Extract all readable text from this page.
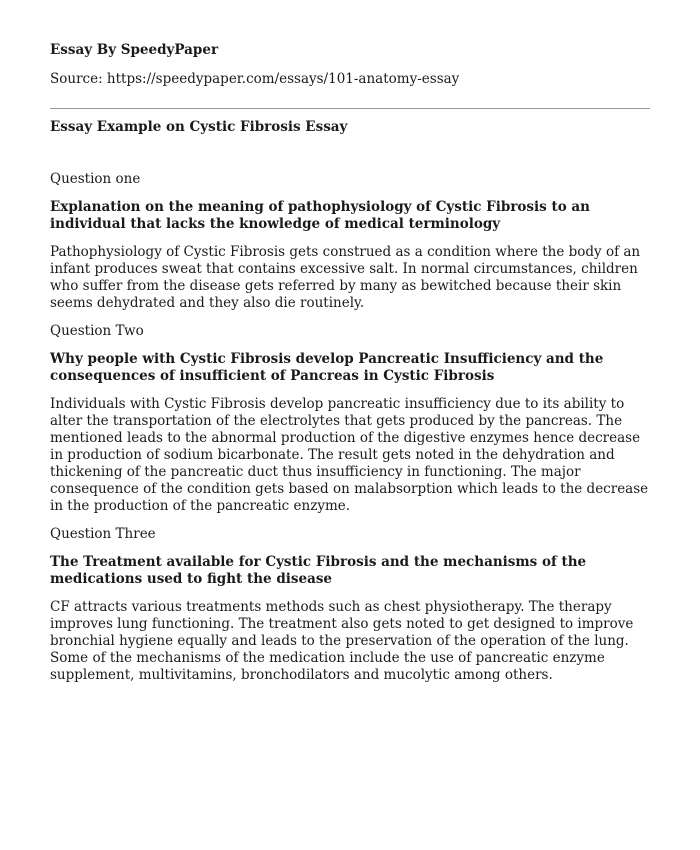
Essay By SpeedyPaper

Source: https://speedypaper.com/essays/101-anatomy-essay

Essay Example on Cystic Fibrosis Essay

Question one

Explanation on the meaning of pathophysiology of Cystic Fibrosis to an individual that lacks the knowledge of medical terminology

Pathophysiology of Cystic Fibrosis gets construed as a condition where the body of an infant produces sweat that contains excessive salt. In normal circumstances, children who suffer from the disease gets referred by many as bewitched because their skin seems dehydrated and they also die routinely.

Question Two

Why people with Cystic Fibrosis develop Pancreatic Insufficiency and the consequences of insufficient of Pancreas in Cystic Fibrosis

Individuals with Cystic Fibrosis develop pancreatic insufficiency due to its ability to alter the transportation of the electrolytes that gets produced by the pancreas. The mentioned leads to the abnormal production of the digestive enzymes hence decrease in production of sodium bicarbonate. The result gets noted in the dehydration and thickening of the pancreatic duct thus insufficiency in functioning. The major consequence of the condition gets based on malabsorption which leads to the decrease in the production of the pancreatic enzyme.

Question Three

The Treatment available for Cystic Fibrosis and the mechanisms of the medications used to fight the disease

CF attracts various treatments methods such as chest physiotherapy. The therapy improves lung functioning. The treatment also gets noted to get designed to improve bronchial hygiene equally and leads to the preservation of the operation of the lung. Some of the mechanisms of the medication include the use of pancreatic enzyme supplement, multivitamins, bronchodilators and mucolytic among others.
